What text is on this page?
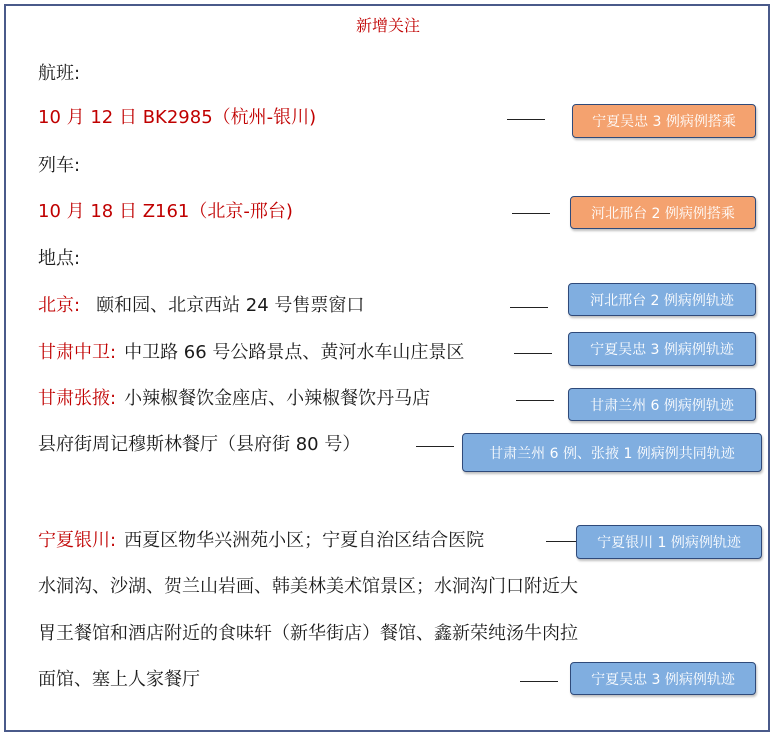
新增关注
航班:
10 月 12 日 BK2985（杭州-银川)	宁夏吴忠 3 例病例搭乘
列车:
10 月 18 日 Z161（北京-邢台)	河北邢台 2 例病例搭乘
地点:
北京: 颐和园、北京西站 24 号售票窗口	河北邢台 2 例病例轨迹
甘肃中卫: 中卫路 66 号公路景点、黄河水车山庄景区	宁夏吴忠 3 例病例轨迹
甘肃张掖: 小辣椒餐饮金座店、小辣椒餐饮丹马店	甘肃兰州 6 例病例轨迹
县府街周记穆斯林餐厅（县府街 80 号）	甘肃兰州 6 例、张掖 1 例病例共同轨迹
宁夏银川: 西夏区物华兴洲苑小区；宁夏自治区结合医院	宁夏银川 1 例病例轨迹
水洞沟、沙湖、贺兰山岩画、韩美林美术馆景区；水洞沟门口附近大
胃王餐馆和酒店附近的食味轩（新华街店）餐馆、鑫新荣纯汤牛肉拉
面馆、塞上人家餐厅	宁夏吴忠 3 例病例轨迹
